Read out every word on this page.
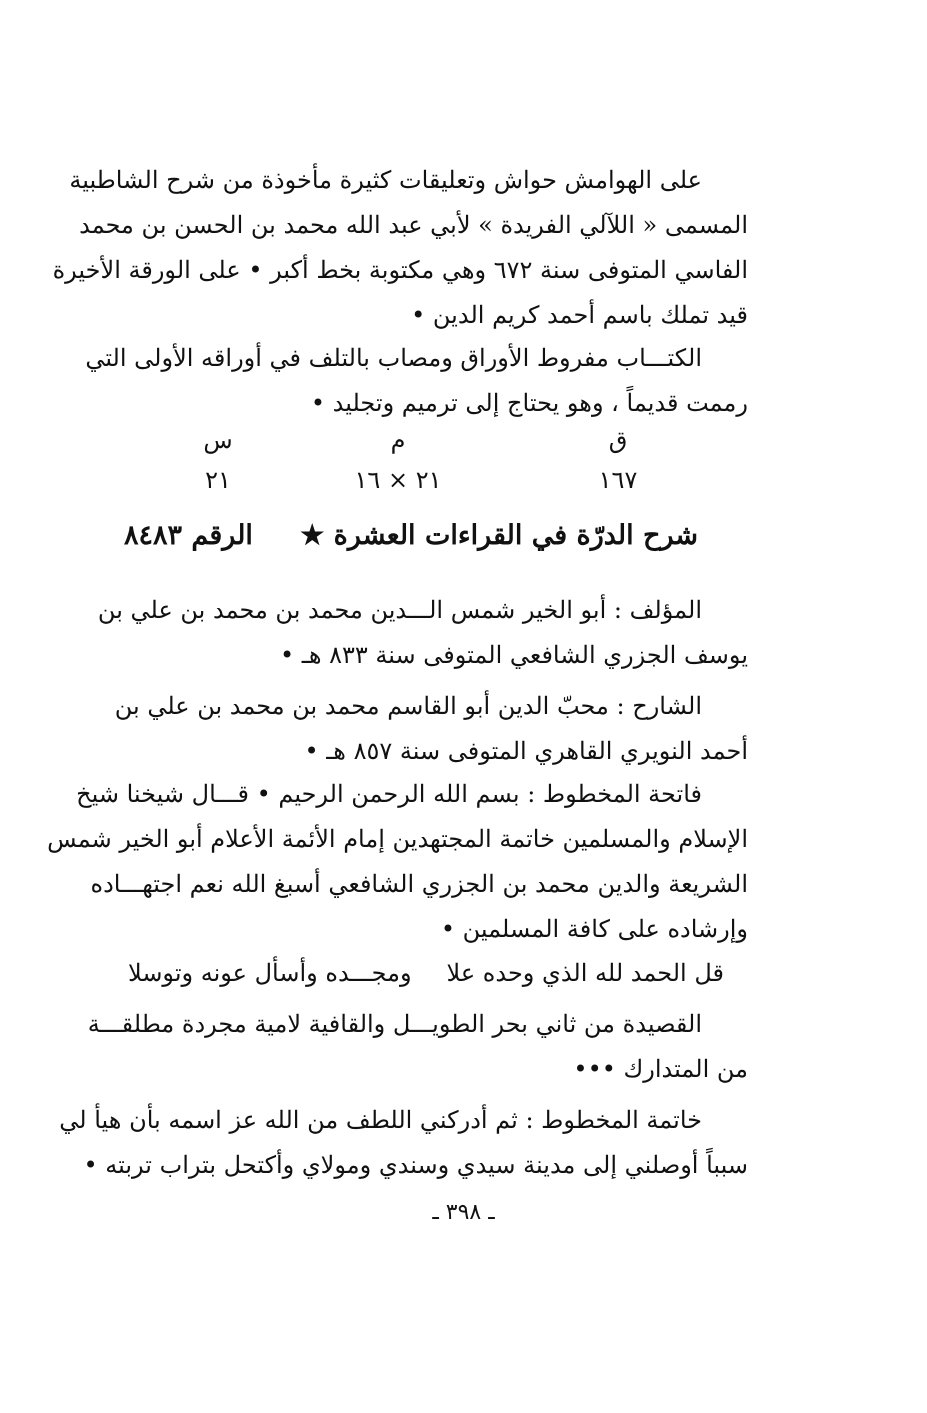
على الهوامش حواش وتعليقات كثيرة مأخوذة من شرح الشاطبية
المسمى « اللآلي الفريدة » لأبي عبد الله محمد بن الحسن بن محمد
الفاسي المتوفى سنة ٦٧٢ وهي مكتوبة بخط أكبر • على الورقة الأخيرة
قيد تملك باسم أحمد كريم الدين •
الكتـــاب مفروط الأوراق ومصاب بالتلف في أوراقه الأولى التي
رممت قديماً ، وهو يحتاج إلى ترميم وتجليد •
ق
م
س
١٦٧
٢١ × ١٦
٢١
شرح الدرّة في القراءات العشرة ★
الرقم ٨٤٨٣
المؤلف : أبو الخير شمس الـــدين محمد بن محمد بن علي بن
يوسف الجزري الشافعي المتوفى سنة ٨٣٣ هـ •
الشارح : محبّ الدين أبو القاسم محمد بن محمد بن علي بن
أحمد النويري القاهري المتوفى سنة ٨٥٧ هـ •
فاتحة المخطوط : بسم الله الرحمن الرحيم • قـــال شيخنا شيخ
الإسلام والمسلمين خاتمة المجتهدين إمام الأئمة الأعلام أبو الخير شمس
الشريعة والدين محمد بن الجزري الشافعي أسبغ الله نعم اجتهـــاده
وإرشاده على كافة المسلمين •
قل الحمد لله الذي وحده علا
ومجـــده وأسأل عونه وتوسلا
القصيدة من ثاني بحر الطويـــل والقافية لامية مجردة مطلقـــة
من المتدارك •••
خاتمة المخطوط : ثم أدركني اللطف من الله عز اسمه بأن هيأ لي
سبباً أوصلني إلى مدينة سيدي وسندي ومولاي وأكتحل بتراب تربته •
ـ ٣٩٨ ـ
